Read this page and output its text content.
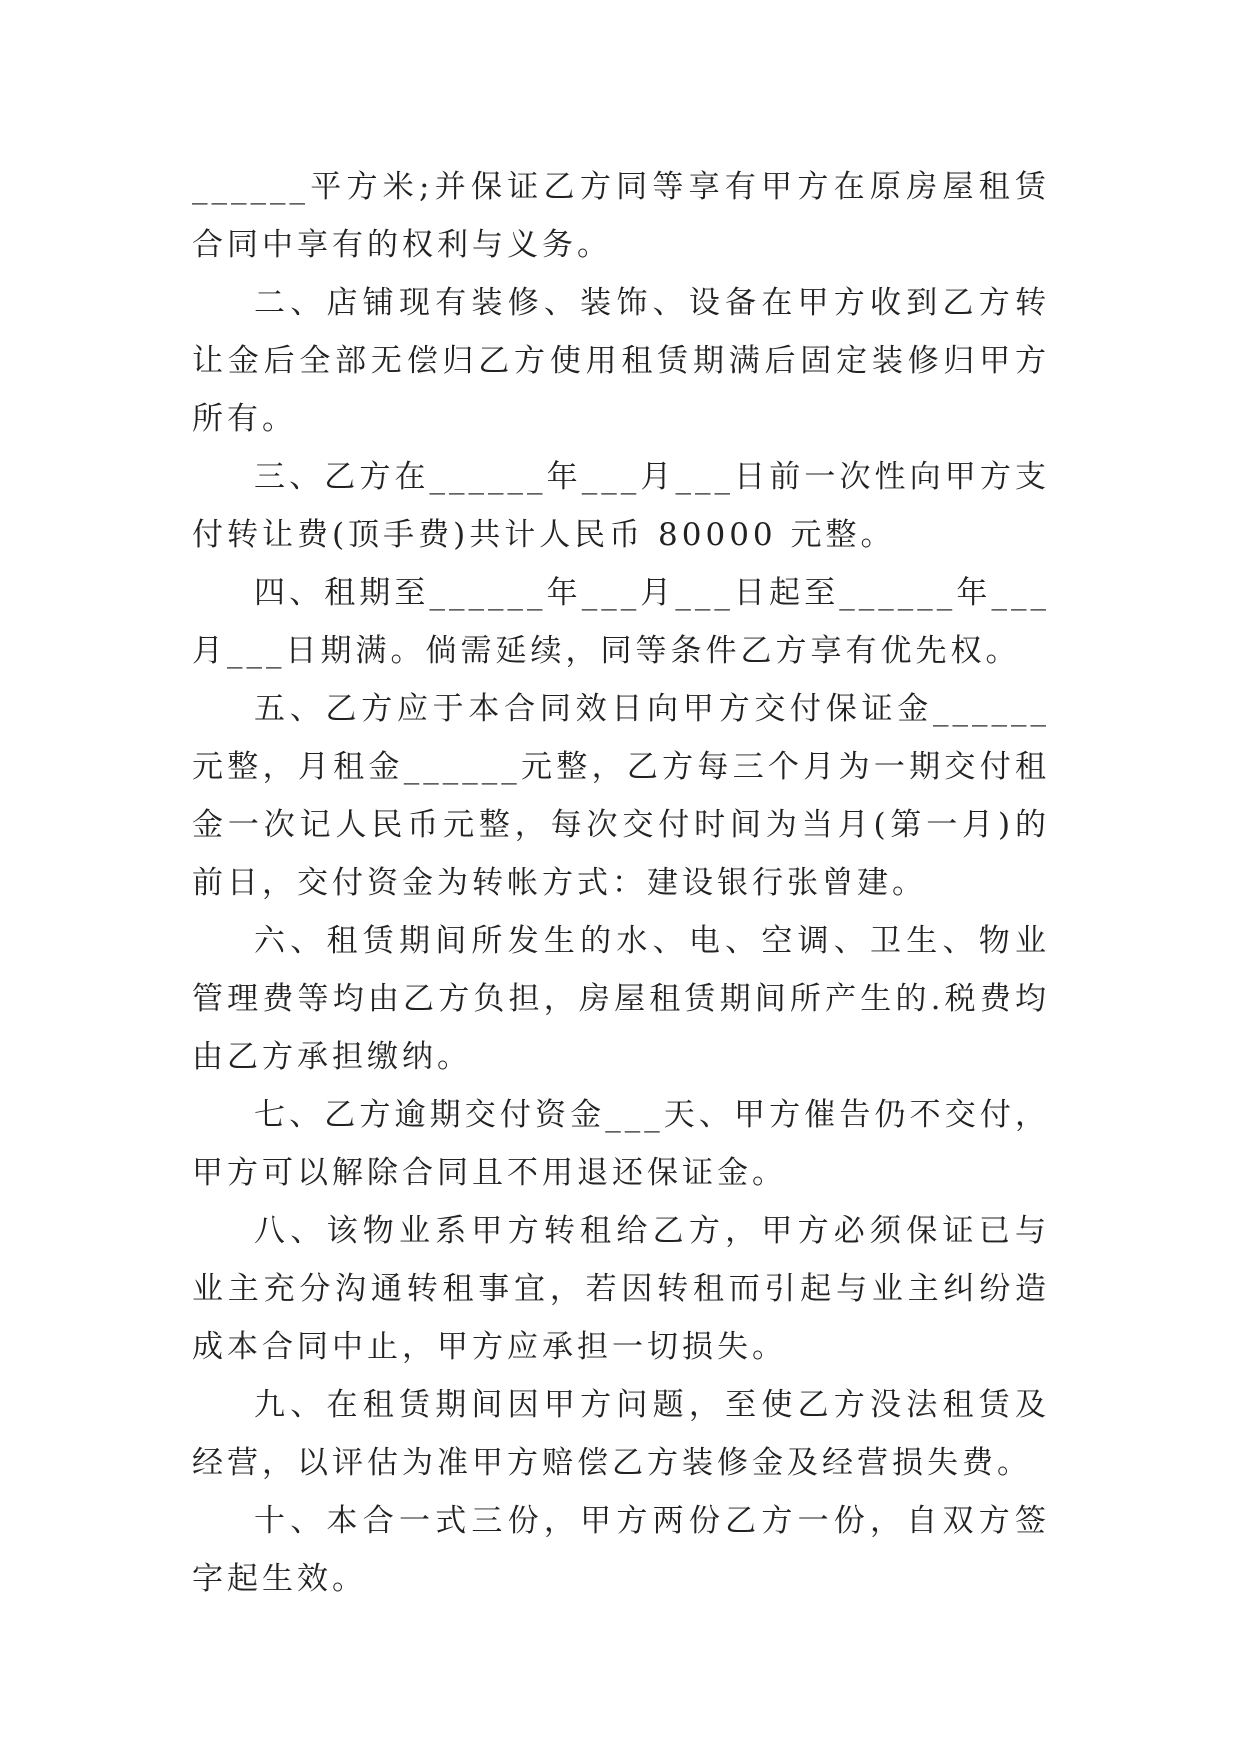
______平方米;并保证乙方同等享有甲方在原房屋租赁合同中享有的权利与义务。

二、店铺现有装修、装饰、设备在甲方收到乙方转让金后全部无偿归乙方使用租赁期满后固定装修归甲方所有。

三、乙方在______年___月___日前一次性向甲方支付转让费(顶手费)共计人民币 80000 元整。

四、租期至______年___月___日起至______年___月___日期满。倘需延续，同等条件乙方享有优先权。

五、乙方应于本合同效日向甲方交付保证金______元整，月租金______元整，乙方每三个月为一期交付租金一次记人民币元整，每次交付时间为当月(第一月)的前日，交付资金为转帐方式：建设银行张曾建。

六、租赁期间所发生的水、电、空调、卫生、物业管理费等均由乙方负担，房屋租赁期间所产生的.税费均由乙方承担缴纳。

七、乙方逾期交付资金___天、甲方催告仍不交付，甲方可以解除合同且不用退还保证金。

八、该物业系甲方转租给乙方，甲方必须保证已与业主充分沟通转租事宜，若因转租而引起与业主纠纷造成本合同中止，甲方应承担一切损失。

九、在租赁期间因甲方问题，至使乙方没法租赁及经营，以评估为准甲方赔偿乙方装修金及经营损失费。

十、本合一式三份，甲方两份乙方一份，自双方签字起生效。
